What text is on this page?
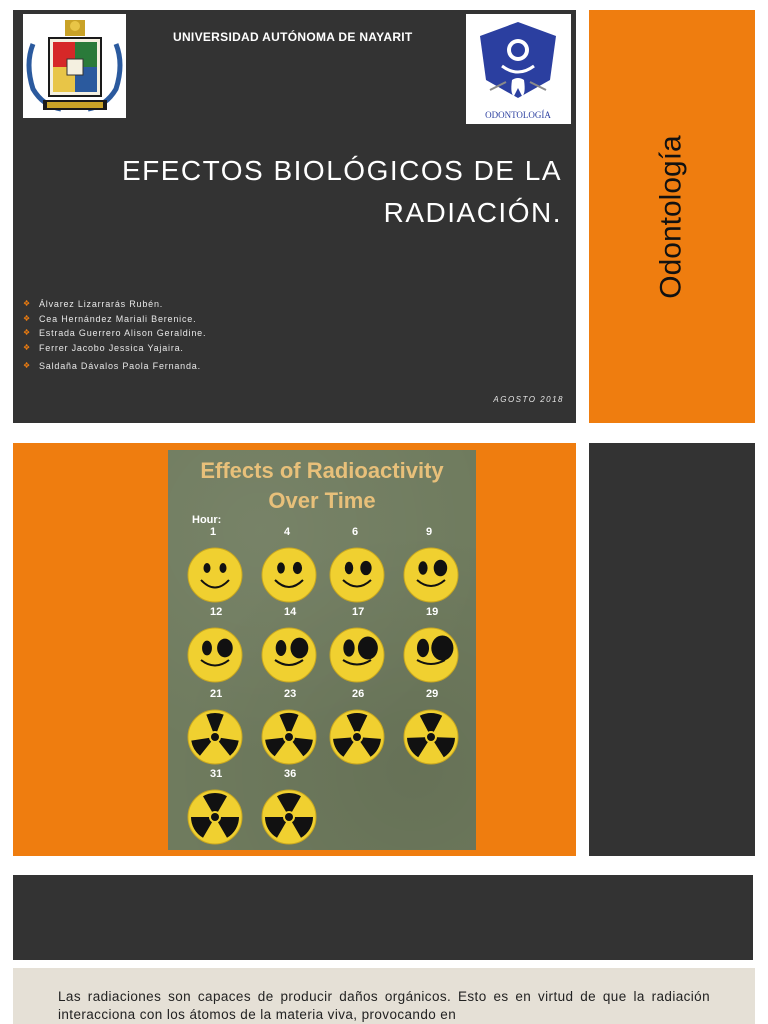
UNIVERSIDAD AUTÓNOMA DE NAYARIT
ODONTOLOGÍA
EFECTOS BIOLÓGICOS DE LA RADIACIÓN.
❖ Álvarez Lizarrarás Rubén.
❖ Cea Hernández Mariali Berenice.
❖ Estrada Guerrero Alison Geraldine.
❖ Ferrer Jacobo Jessica Yajaira.
❖ Saldaña Dávalos Paola Fernanda.
AGOSTO 2018
Odontología
Effects of Radioactivity
Over Time
Hour:
1	4	6	9
12	14	17	19
21	23	26	29
31	36

Las radiaciones son capaces de producir daños orgánicos. Esto es en virtud de que la radiación interacciona con los átomos de la materia viva, provocando en
